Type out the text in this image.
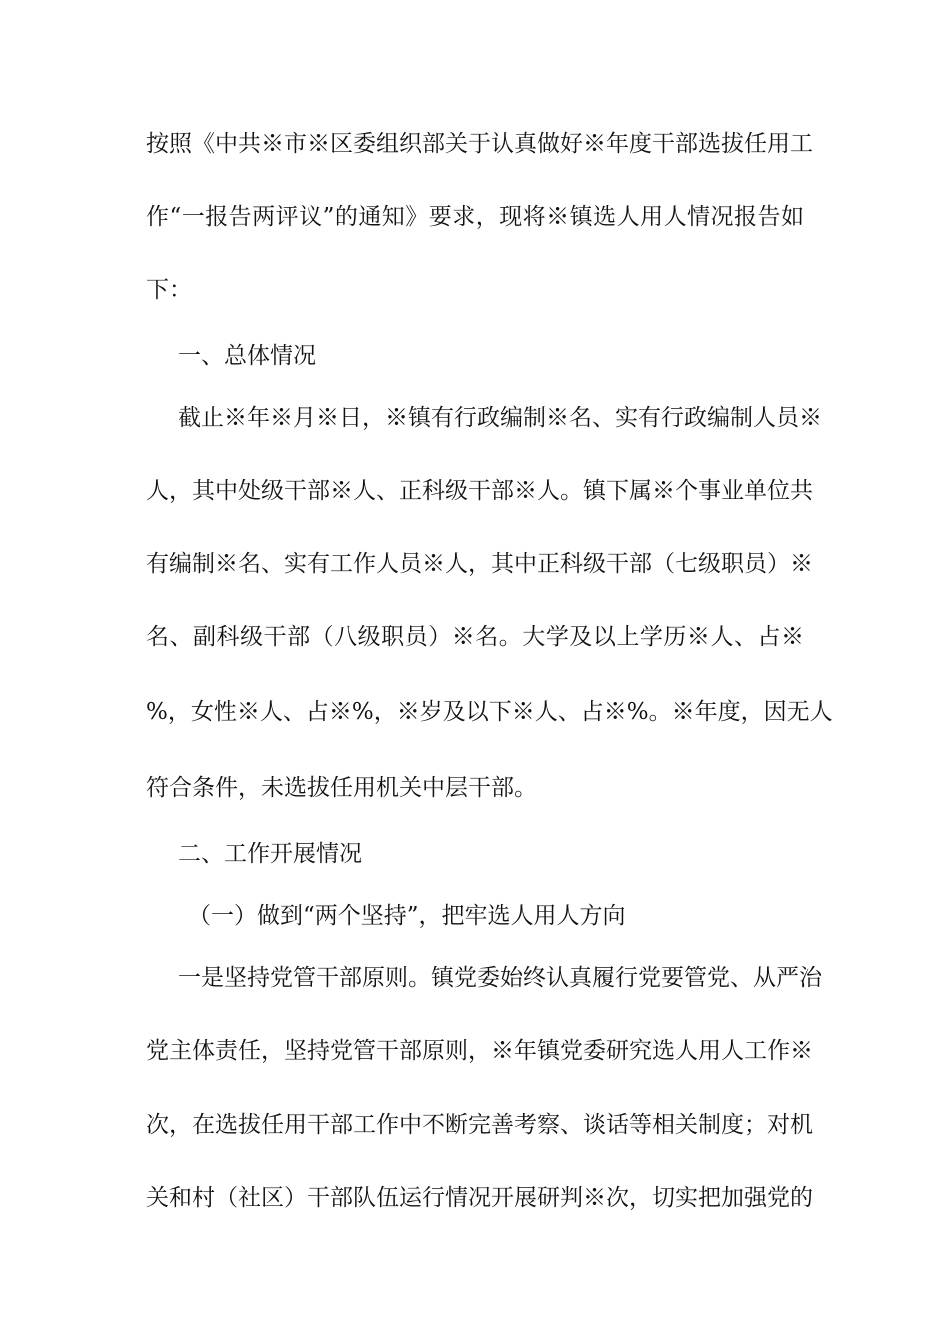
按照《中共※市※区委组织部关于认真做好※年度干部选拔任用工
作“一报告两评议”的通知》要求，现将※镇选人用人情况报告如
下：
一、总体情况
截止※年※月※日，※镇有行政编制※名、实有行政编制人员※
人，其中处级干部※人、正科级干部※人。镇下属※个事业单位共
有编制※名、实有工作人员※人，其中正科级干部（七级职员）※
名、副科级干部（八级职员）※名。大学及以上学历※人、占※
%，女性※人、占※%，※岁及以下※人、占※%。※年度，因无人
符合条件，未选拔任用机关中层干部。
二、工作开展情况
（一）做到“两个坚持”，把牢选人用人方向
一是坚持党管干部原则。镇党委始终认真履行党要管党、从严治
党主体责任，坚持党管干部原则，※年镇党委研究选人用人工作※
次，在选拔任用干部工作中不断完善考察、谈话等相关制度；对机
关和村（社区）干部队伍运行情况开展研判※次，切实把加强党的
